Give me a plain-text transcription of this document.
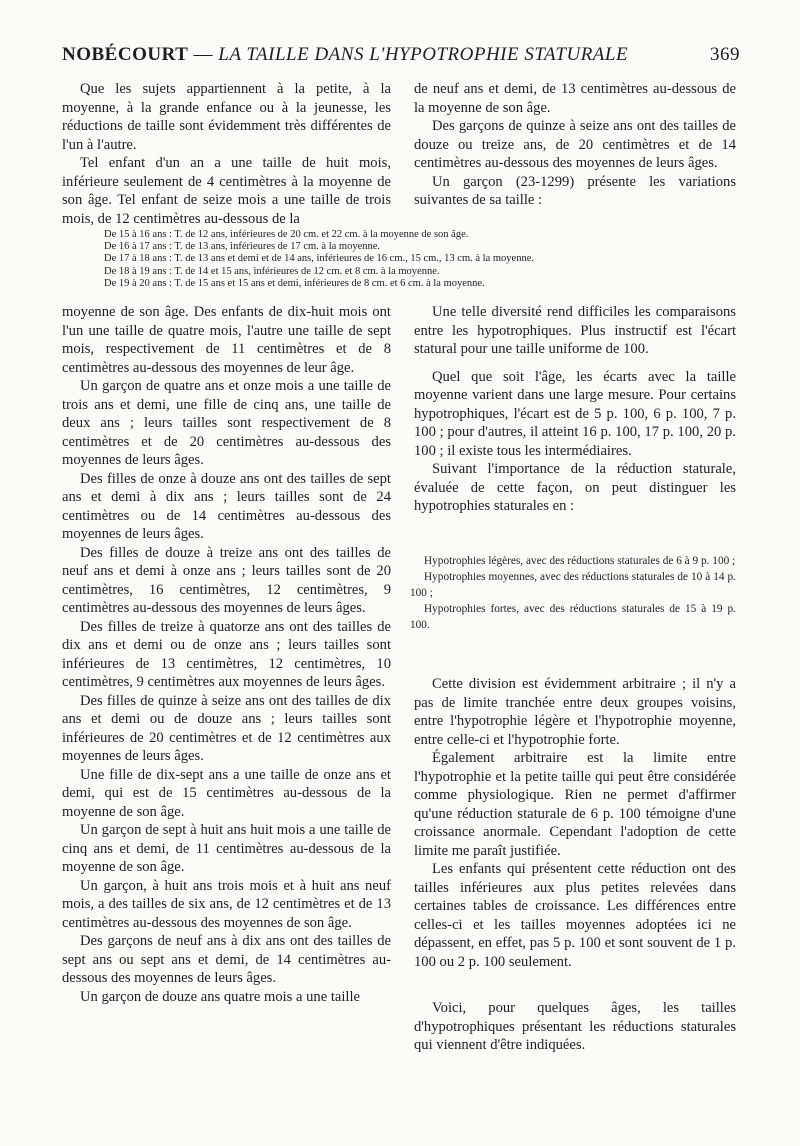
NOBÉCOURT — LA TAILLE DANS L'HYPOTROPHIE STATURALE	369

Que les sujets appartiennent à la petite, à la moyenne, à la grande enfance ou à la jeunesse, les réductions de taille sont évidemment très différentes de l'un à l'autre.

Tel enfant d'un an a une taille de huit mois, inférieure seulement de 4 centimètres à la moyenne de son âge. Tel enfant de seize mois a une taille de trois mois, de 12 centimètres au-dessous de la

de neuf ans et demi, de 13 centimètres au-dessous de la moyenne de son âge.

Des garçons de quinze à seize ans ont des tailles de douze ou treize ans, de 20 centimètres et de 14 centimètres au-dessous des moyennes de leurs âges.

Un garçon (23-1299) présente les variations suivantes de sa taille :

De 15 à 16 ans : T. de 12 ans, inférieures de 20 cm. et 22 cm. à la moyenne de son âge.
De 16 à 17 ans : T. de 13 ans, inférieures de 17 cm. à la moyenne.
De 17 à 18 ans : T. de 13 ans et demi et de 14 ans, inférieures de 16 cm., 15 cm., 13 cm. à la moyenne.
De 18 à 19 ans : T. de 14 et 15 ans, inférieures de 12 cm. et 8 cm. à la moyenne.
De 19 à 20 ans : T. de 15 ans et 15 ans et demi, inférieures de 8 cm. et 6 cm. à la moyenne.

moyenne de son âge. Des enfants de dix-huit mois ont l'un une taille de quatre mois, l'autre une taille de sept mois, respectivement de 11 centimètres et de 8 centimètres au-dessous des moyennes de leur âge.

Un garçon de quatre ans et onze mois a une taille de trois ans et demi, une fille de cinq ans, une taille de deux ans ; leurs tailles sont respectivement de 8 centimètres et de 20 centimètres au-dessous des moyennes de leurs âges.

Des filles de onze à douze ans ont des tailles de sept ans et demi à dix ans ; leurs tailles sont de 24 centimètres ou de 14 centimètres au-dessous des moyennes de leurs âges.

Des filles de douze à treize ans ont des tailles de neuf ans et demi à onze ans ; leurs tailles sont de 20 centimètres, 16 centimètres, 12 centimètres, 9 centimètres au-dessous des moyennes de leurs âges.

Des filles de treize à quatorze ans ont des tailles de dix ans et demi ou de onze ans ; leurs tailles sont inférieures de 13 centimètres, 12 centimètres, 10 centimètres, 9 centimètres aux moyennes de leurs âges.

Des filles de quinze à seize ans ont des tailles de dix ans et demi ou de douze ans ; leurs tailles sont inférieures de 20 centimètres et de 12 centimètres aux moyennes de leurs âges.

Une fille de dix-sept ans a une taille de onze ans et demi, qui est de 15 centimètres au-dessous de la moyenne de son âge.

Un garçon de sept à huit ans huit mois a une taille de cinq ans et demi, de 11 centimètres au-dessous de la moyenne de son âge.

Un garçon, à huit ans trois mois et à huit ans neuf mois, a des tailles de six ans, de 12 centimètres et de 13 centimètres au-dessous des moyennes de son âge.

Des garçons de neuf ans à dix ans ont des tailles de sept ans ou sept ans et demi, de 14 centimètres au-dessous des moyennes de leurs âges.

Un garçon de douze ans quatre mois a une taille

Une telle diversité rend difficiles les comparaisons entre les hypotrophiques. Plus instructif est l'écart statural pour une taille uniforme de 100.

Quel que soit l'âge, les écarts avec la taille moyenne varient dans une large mesure. Pour certains hypotrophiques, l'écart est de 5 p. 100, 6 p. 100, 7 p. 100 ; pour d'autres, il atteint 16 p. 100, 17 p. 100, 20 p. 100 ; il existe tous les intermédiaires.

Suivant l'importance de la réduction staturale, évaluée de cette façon, on peut distinguer les hypotrophies staturales en :

Hypotrophies légères, avec des réductions staturales de 6 à 9 p. 100 ;

Hypotrophies moyennes, avec des réductions staturales de 10 à 14 p. 100 ;

Hypotrophies fortes, avec des réductions staturales de 15 à 19 p. 100.

Cette division est évidemment arbitraire ; il n'y a pas de limite tranchée entre deux groupes voisins, entre l'hypotrophie légère et l'hypotrophie moyenne, entre celle-ci et l'hypotrophie forte.

Également arbitraire est la limite entre l'hypotrophie et la petite taille qui peut être considérée comme physiologique. Rien ne permet d'affirmer qu'une réduction staturale de 6 p. 100 témoigne d'une croissance anormale. Cependant l'adoption de cette limite me paraît justifiée.

Les enfants qui présentent cette réduction ont des tailles inférieures aux plus petites relevées dans certaines tables de croissance. Les différences entre celles-ci et les tailles moyennes adoptées ici ne dépassent, en effet, pas 5 p. 100 et sont souvent de 1 p. 100 ou 2 p. 100 seulement.

Voici, pour quelques âges, les tailles d'hypotrophiques présentant les réductions staturales qui viennent d'être indiquées.
